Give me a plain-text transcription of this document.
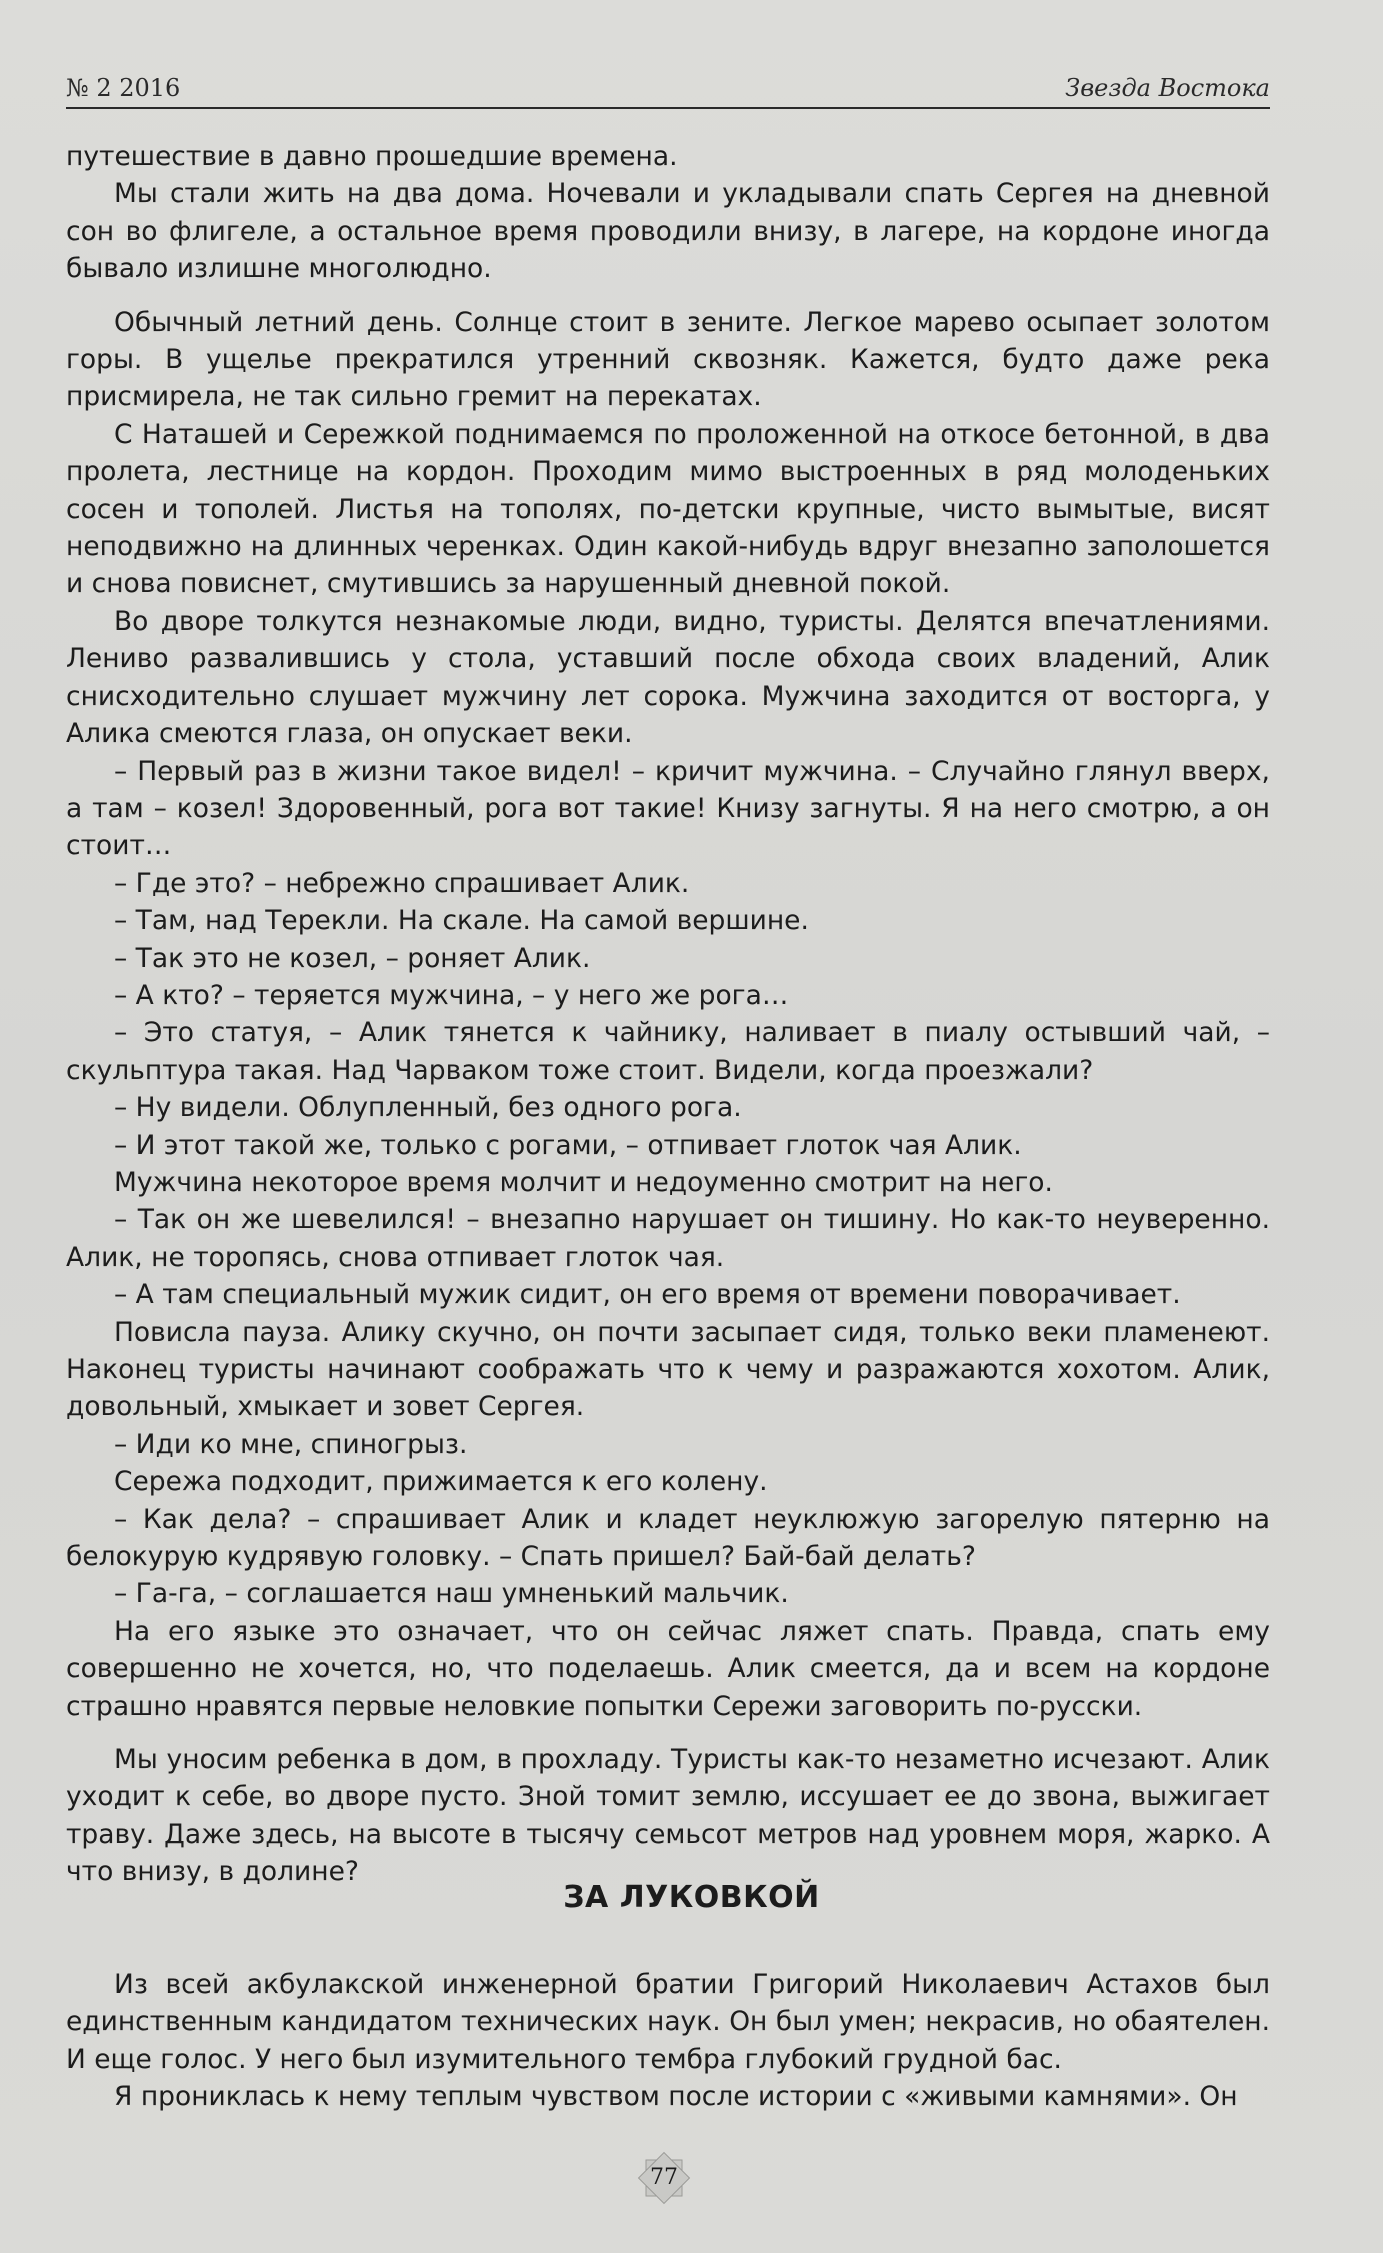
№ 2 2016	Звезда Востока

путешествие в давно прошедшие времена.

Мы стали жить на два дома. Ночевали и укладывали спать Сергея на дневной сон во флигеле, а остальное время проводили внизу, в лагере, на кордоне иногда бывало излишне многолюдно.

Обычный летний день. Солнце стоит в зените. Легкое марево осыпает золотом горы. В ущелье прекратился утренний сквозняк. Кажется, будто даже река присмирела, не так сильно гремит на перекатах.

С Наташей и Сережкой поднимаемся по проложенной на откосе бетонной, в два пролета, лестнице на кордон. Проходим мимо выстроенных в ряд молоденьких сосен и тополей. Листья на тополях, по-детски крупные, чисто вымытые, висят неподвижно на длинных черенках. Один какой-нибудь вдруг внезапно заполошется и снова повиснет, смутившись за нарушенный дневной покой.

Во дворе толкутся незнакомые люди, видно, туристы. Делятся впечатлениями. Лениво развалившись у стола, уставший после обхода своих владений, Алик снисходительно слушает мужчину лет сорока. Мужчина заходится от восторга, у Алика смеются глаза, он опускает веки.

– Первый раз в жизни такое видел! – кричит мужчина. – Случайно глянул вверх, а там – козел! Здоровенный, рога вот такие! Книзу загнуты. Я на него смотрю, а он стоит…

– Где это? – небрежно спрашивает Алик.

– Там, над Терекли. На скале. На самой вершине.

– Так это не козел, – роняет Алик.

– А кто? – теряется мужчина, – у него же рога…

– Это статуя, – Алик тянется к чайнику, наливает в пиалу остывший чай, – скульптура такая. Над Чарваком тоже стоит. Видели, когда проезжали?

– Ну видели. Облупленный, без одного рога.

– И этот такой же, только с рогами, – отпивает глоток чая Алик.

Мужчина некоторое время молчит и недоуменно смотрит на него.

– Так он же шевелился! – внезапно нарушает он тишину. Но как-то неуверенно. Алик, не торопясь, снова отпивает глоток чая.

– А там специальный мужик сидит, он его время от времени поворачивает.

Повисла пауза. Алику скучно, он почти засыпает сидя, только веки пламенеют. Наконец туристы начинают соображать что к чему и разражаются хохотом. Алик, довольный, хмыкает и зовет Сергея.

– Иди ко мне, спиногрыз.

Сережа подходит, прижимается к его колену.

– Как дела? – спрашивает Алик и кладет неуклюжую загорелую пятерню на белокурую кудрявую головку. – Спать пришел? Бай-бай делать?

– Га-га, – соглашается наш умненький мальчик.

На его языке это означает, что он сейчас ляжет спать. Правда, спать ему совершенно не хочется, но, что поделаешь. Алик смеется, да и всем на кордоне страшно нравятся первые неловкие попытки Сережи заговорить по-русски.

Мы уносим ребенка в дом, в прохладу. Туристы как-то незаметно исчезают. Алик уходит к себе, во дворе пусто. Зной томит землю, иссушает ее до звона, выжигает траву. Даже здесь, на высоте в тысячу семьсот метров над уровнем моря, жарко. А что внизу, в долине?

ЗА ЛУКОВКОЙ

Из всей акбулакской инженерной братии Григорий Николаевич Астахов был единственным кандидатом технических наук. Он был умен; некрасив, но обаятелен. И еще голос. У него был изумительного тембра глубокий грудной бас.

Я прониклась к нему теплым чувством после истории с «живыми камнями». Он

77
